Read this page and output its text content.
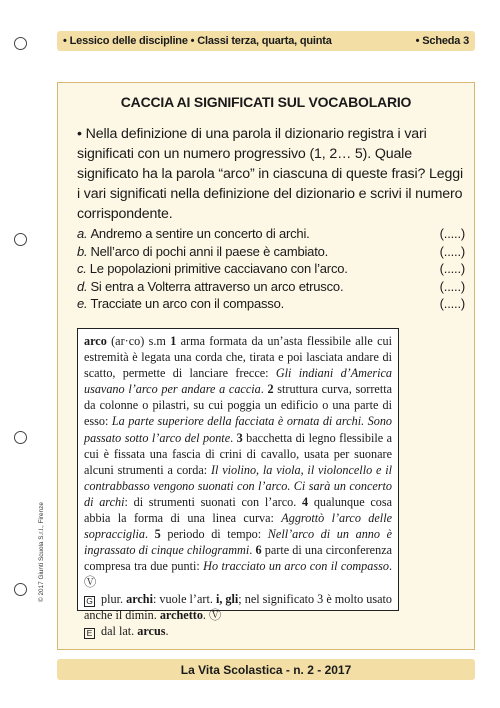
• Lessico delle discipline • Classi terza, quarta, quinta	• Scheda 3
CACCIA AI SIGNIFICATI SUL VOCABOLARIO
• Nella definizione di una parola il dizionario registra i vari significati con un numero progressivo (1, 2… 5). Quale significato ha la parola “arco” in ciascuna di queste frasi? Leggi i vari significati nella definizione del dizionario e scrivi il numero corrispondente.
a. Andremo a sentire un concerto di archi.	(.....)
b. Nell’arco di pochi anni il paese è cambiato.	(.....)
c. Le popolazioni primitive cacciavano con l’arco.	(.....)
d. Si entra a Volterra attraverso un arco etrusco.	(.....)
e. Tracciate un arco con il compasso.	(.....)

arco (ar·co) s.m 1 arma formata da un’asta flessibile alle cui estremità è legata una corda che, tirata e poi lasciata andare di scatto, permette di lanciare frecce: Gli indiani d’America usavano l’arco per andare a caccia. 2 struttura curva, sorretta da colonne o pilastri, su cui poggia un edificio o una parte di esso: La parte superiore della facciata è ornata di archi. Sono passato sotto l’arco del ponte. 3 bacchetta di legno flessibile a cui è fissata una fascia di crini di cavallo, usata per suonare alcuni strumenti a corda: Il violino, la viola, il violoncello e il contrabbasso vengono suonati con l’arco. Ci sarà un concerto di archi: di strumenti suonati con l’arco. 4 qualunque cosa abbia la forma di una linea curva: Aggrottò l’arco delle sopracciglia. 5 periodo di tempo: Nell’arco di un anno è ingrassato di cinque chilogrammi. 6 parte di una circonferenza compresa tra due punti: Ho tracciato un arco con il compasso. Ⓥ

G plur. archi: vuole l’art. i, gli; nel significato 3 è molto usato anche il dimin. archetto. Ⓥ

E dal lat. arcus.

© 2017 Giunti Scuola S.r.l., Firenze
La Vita Scolastica - n. 2 - 2017
